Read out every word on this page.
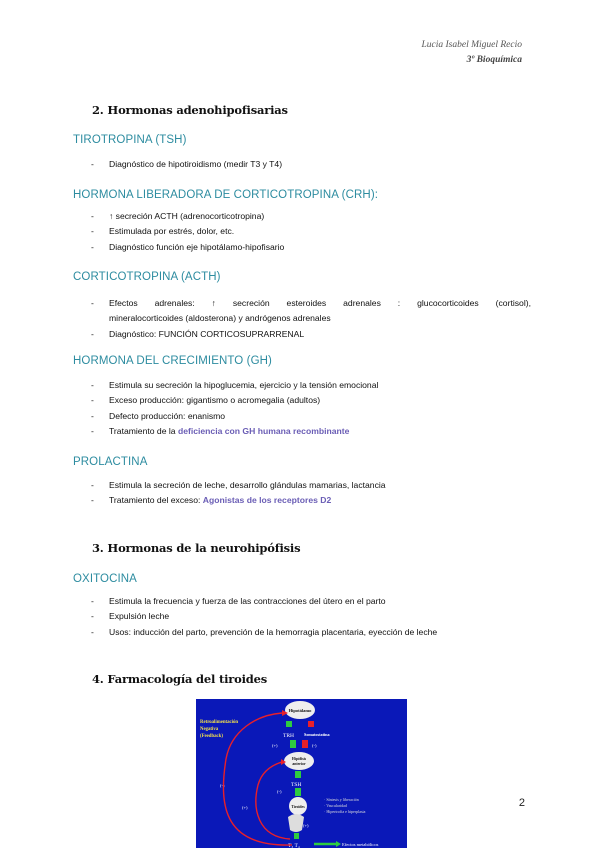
Lucia Isabel Miguel Recio
3º Bioquímica
2. Hormonas adenohipofisarias
TIROTROPINA (TSH)
- Diagnóstico de hipotiroidismo (medir T3 y T4)
HORMONA LIBERADORA DE CORTICOTROPINA (CRH):
- ↑ secreción ACTH (adrenocorticotropina)
- Estimulada por estrés, dolor, etc.
- Diagnóstico función eje hipotálamo-hipofisario
CORTICOTROPINA (ACTH)
- Efectos adrenales: ↑ secreción esteroides adrenales : glucocorticoides (cortisol),
mineralocorticoides (aldosterona) y andrógenos adrenales
- Diagnóstico: FUNCIÓN CORTICOSUPRARRENAL
HORMONA DEL CRECIMIENTO (GH)
- Estimula su secreción la hipoglucemia, ejercicio y la tensión emocional
- Exceso producción: gigantismo o acromegalia (adultos)
- Defecto producción: enanismo
- Tratamiento de la deficiencia con GH humana recombinante
PROLACTINA
- Estimula la secreción de leche, desarrollo glándulas mamarias, lactancia
- Tratamiento del exceso: Agonistas de los receptores D2
3. Hormonas de la neurohipófisis
OXITOCINA
- Estimula la frecuencia y fuerza de las contracciones del útero en el parto
- Expulsión leche
- Usos: inducción del parto, prevención de la hemorragia placentaria, eyección de leche
4. Farmacología del tiroides
Hipotálamo
Retroalimentación
Negativa
(Feedback)	TRH Somatostatina
(+)	(-)
Hipófisis
anterior
TSH
(-)
(+)
(-)
Tiroides
· Síntesis y liberación
· Vascularidad
· Hipertrofia e hiperplasia
(+)
T₃ T₄	Efectos metabólicos
2
